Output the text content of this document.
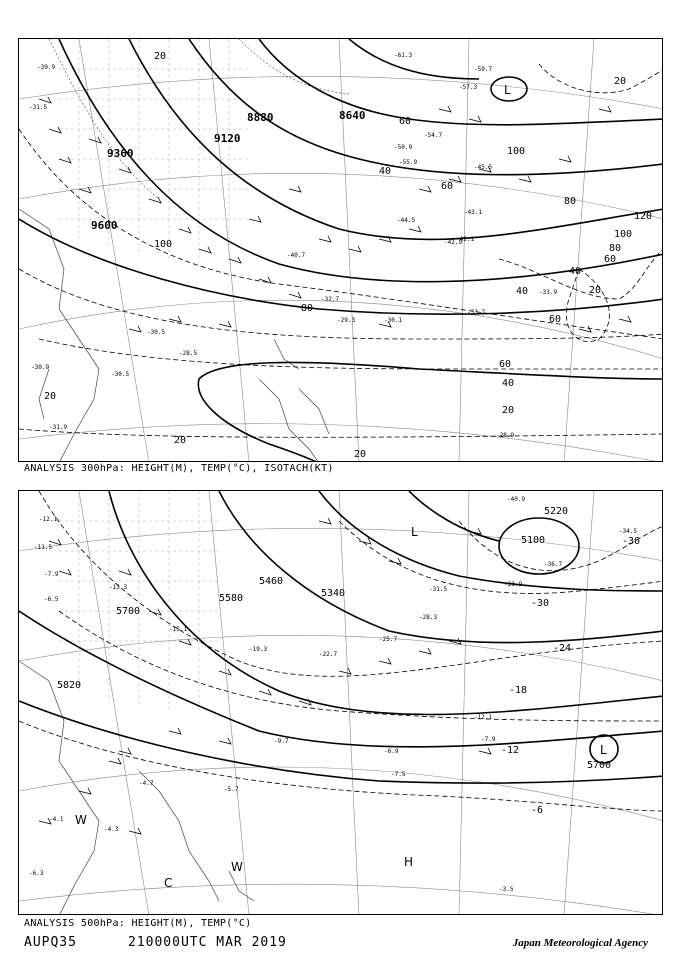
L
9360
9120
8880	8640
9600
20
60
100
120
100
80
60
40
20
40
60
80
100
60
40
20
20
20
20
20
40
60
80
-31.5
-30.5
-33.7
-32.7
-30.1
-29.3
-28.5
-30.5
-39.9
-40.7
-42.9
-44.5
-45.5
-50.9
-54.7
-55.9
-57.3
-59.7
-61.3
-43.1
-42.1
-33.9
-31.9
-28.9
-30.9
ANALYSIS 300hPa: HEIGHT(M), TEMP(°C), ISOTACH(KT)
5700
5820
5340
5460
5580
5220
5100
5700
-30
-24
-18
-12
-6
-36
L
L
H
W
W
C
-12.1
-11.5
-7.9
-6.5
-13.3
-15.1
-19.3
-22.7
-25.7
-28.3
-31.5
-34.5
-40.9
-36.7
-23.9
-12.1
-7.9
-4.7
-3.5
-7.5
-6.9
-9.7
-4.3
-4.1
-6.3
-5.7
ANALYSIS 500hPa: HEIGHT(M), TEMP(°C)
AUPQ35	210000UTC MAR 2019	Japan Meteorological Agency
